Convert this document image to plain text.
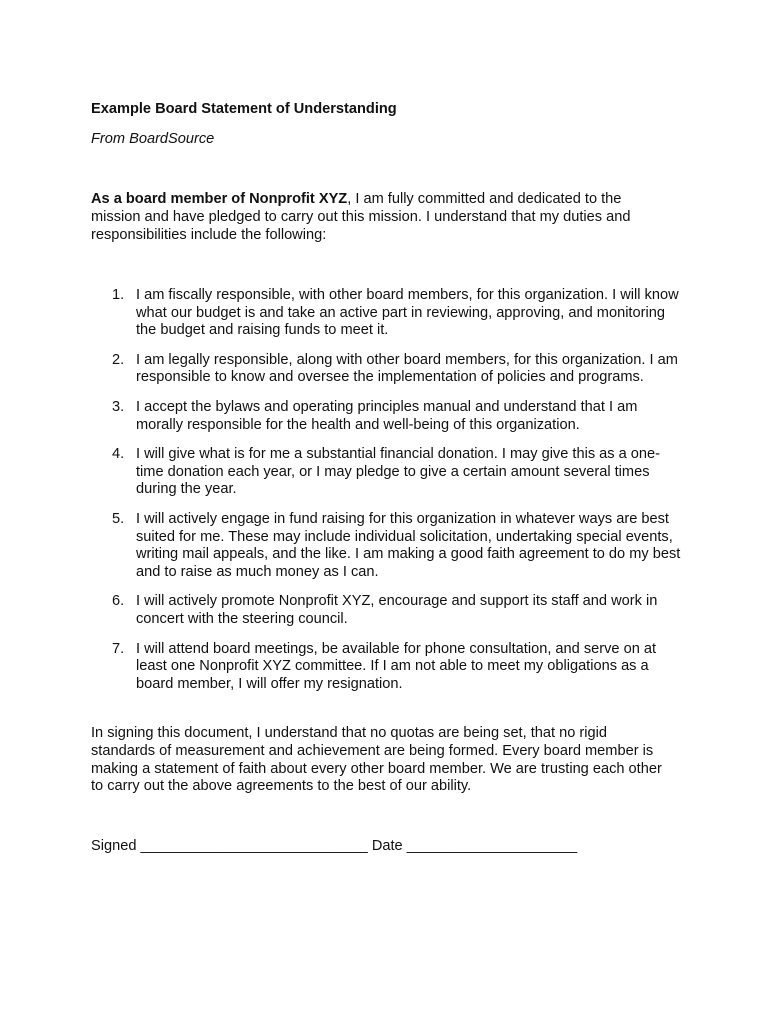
Example Board Statement of Understanding
From BoardSource
As a board member of Nonprofit XYZ, I am fully committed and dedicated to the mission and have pledged to carry out this mission. I understand that my duties and responsibilities include the following:
1. I am fiscally responsible, with other board members, for this organization. I will know what our budget is and take an active part in reviewing, approving, and monitoring the budget and raising funds to meet it.
2. I am legally responsible, along with other board members, for this organization. I am responsible to know and oversee the implementation of policies and programs.
3. I accept the bylaws and operating principles manual and understand that I am morally responsible for the health and well-being of this organization.
4. I will give what is for me a substantial financial donation. I may give this as a one-time donation each year, or I may pledge to give a certain amount several times during the year.
5. I will actively engage in fund raising for this organization in whatever ways are best suited for me. These may include individual solicitation, undertaking special events, writing mail appeals, and the like. I am making a good faith agreement to do my best and to raise as much money as I can.
6. I will actively promote Nonprofit XYZ, encourage and support its staff and work in concert with the steering council.
7. I will attend board meetings, be available for phone consultation, and serve on at least one Nonprofit XYZ committee. If I am not able to meet my obligations as a board member, I will offer my resignation.
In signing this document, I understand that no quotas are being set, that no rigid standards of measurement and achievement are being formed. Every board member is making a statement of faith about every other board member. We are trusting each other to carry out the above agreements to the best of our ability.
Signed ____________________________ Date _____________________
